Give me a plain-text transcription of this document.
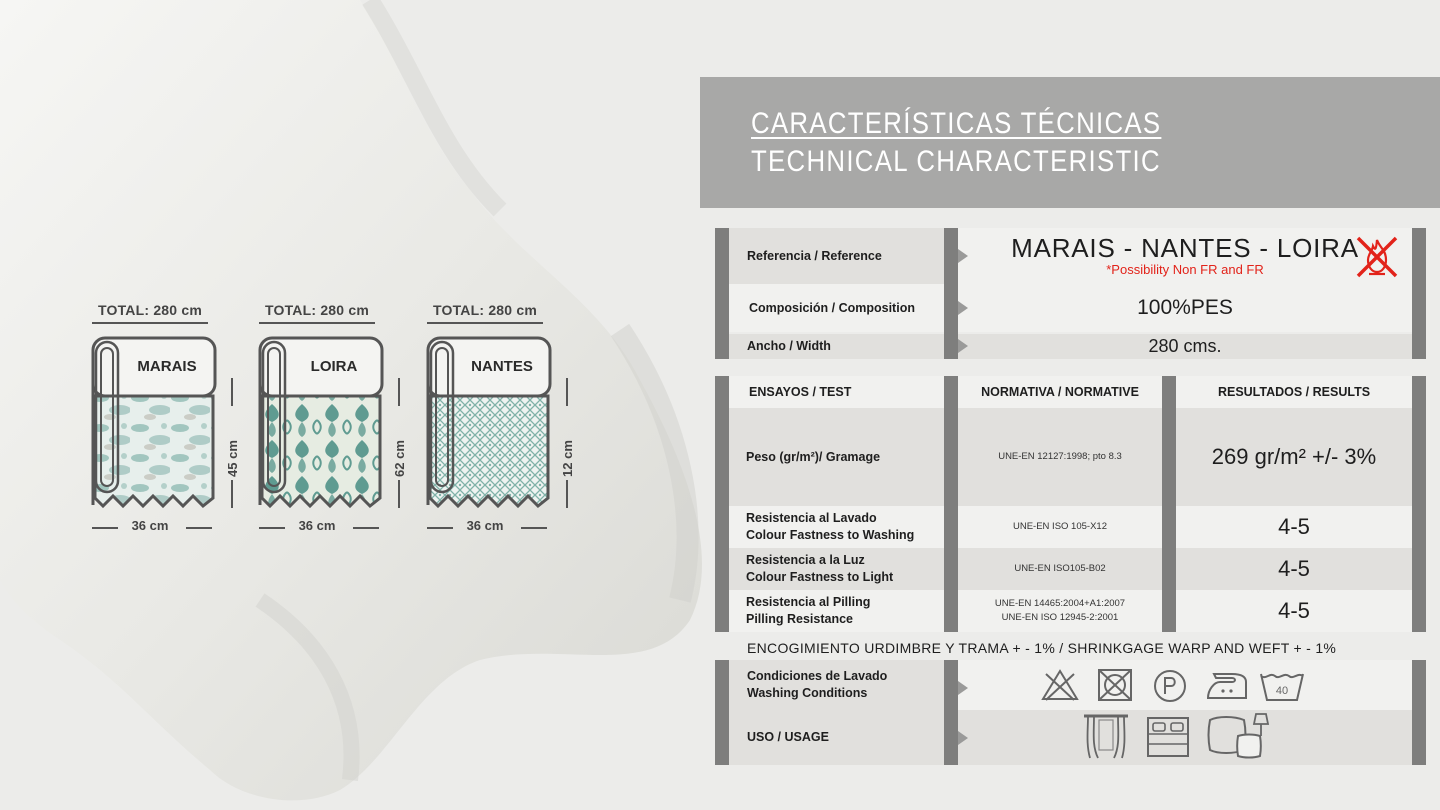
TOTAL: 280 cm
MARAIS
45 cm
36 cm
TOTAL: 280 cm
LOIRA
62 cm
36 cm
TOTAL: 280 cm
NANTES
12 cm
36 cm
CARACTERÍSTICAS TÉCNICAS
TECHNICAL CHARACTERISTIC
Referencia / Reference	MARAIS - NANTES - LOIRA
*Possibility Non FR and FR
Composición / Composition	100%PES
Ancho / Width	280 cms.
ENSAYOS / TEST	NORMATIVA / NORMATIVE	RESULTADOS / RESULTS
Peso (gr/m²)/ Gramage	UNE-EN 12127:1998; pto 8.3	269 gr/m² +/- 3%
Resistencia al Lavado
Colour Fastness to Washing
UNE-EN ISO 105-X12	4-5
Resistencia a la Luz
Colour Fastness to Light
UNE-EN ISO105-B02	4-5
Resistencia al Pilling
Pilling Resistance
UNE-EN 14465:2004+A1:2007
UNE-EN ISO 12945-2:2001	4-5
ENCOGIMIENTO URDIMBRE Y TRAMA + - 1% / SHRINKGAGE WARP AND WEFT + - 1%
Condiciones de Lavado
Washing Conditions	40
USO / USAGE
